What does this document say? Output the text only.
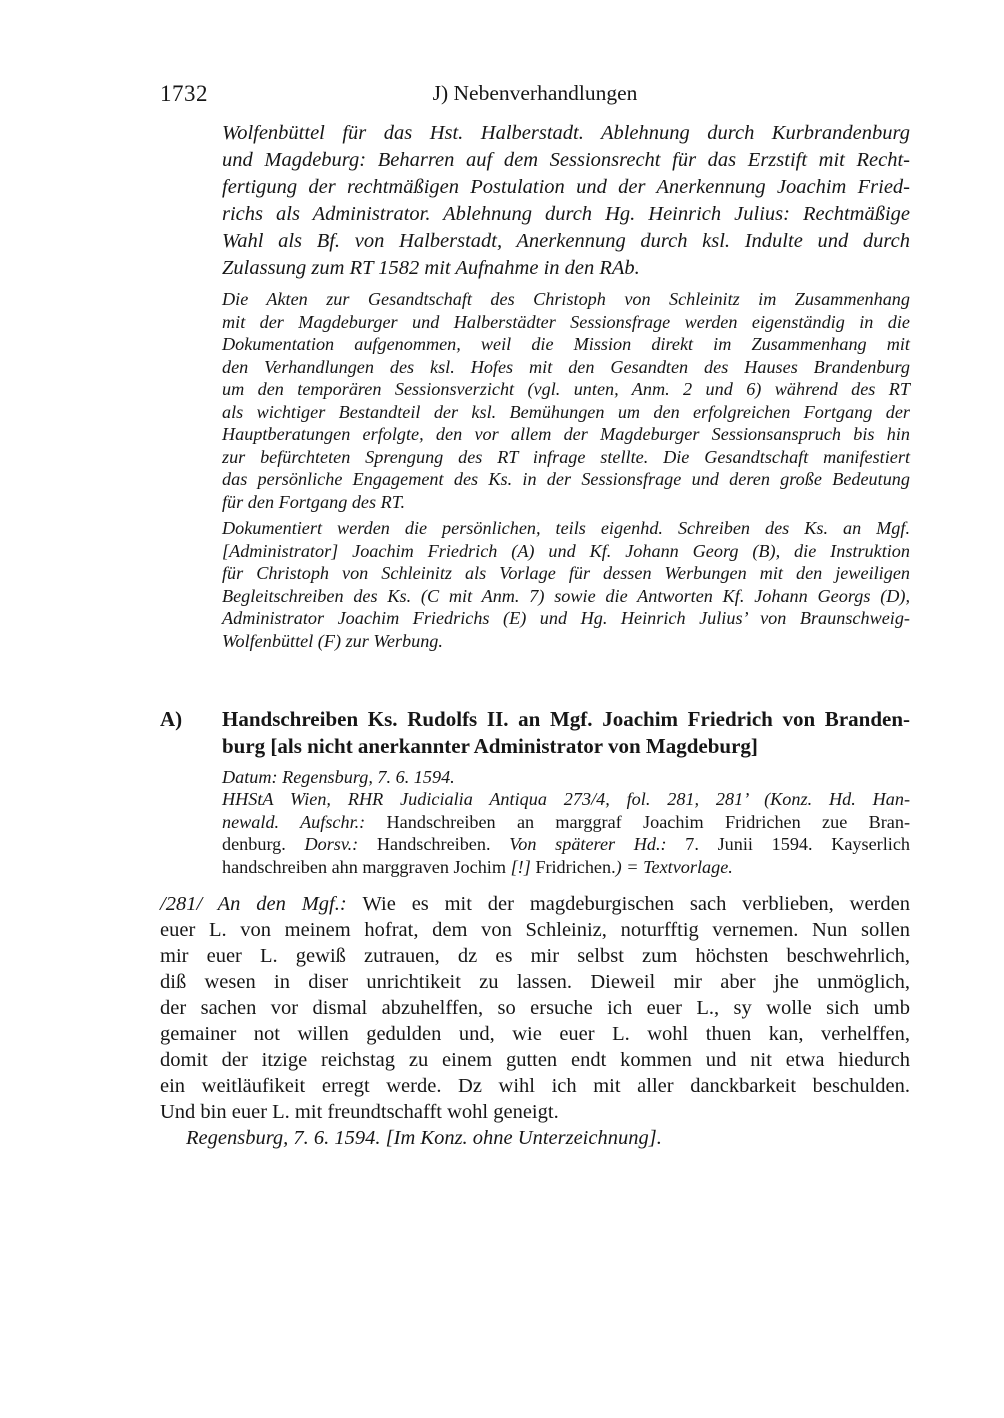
1732	J) Nebenverhandlungen
Wolfenbüttel für das Hst. Halberstadt. Ablehnung durch Kurbrandenburg
und Magdeburg: Beharren auf dem Sessionsrecht für das Erzstift mit Recht-
fertigung der rechtmäßigen Postulation und der Anerkennung Joachim Fried-
richs als Administrator. Ablehnung durch Hg. Heinrich Julius: Rechtmäßige
Wahl als Bf. von Halberstadt, Anerkennung durch ksl. Indulte und durch
Zulassung zum RT 1582 mit Aufnahme in den RAb.
Die Akten zur Gesandtschaft des Christoph von Schleinitz im Zusammenhang
mit der Magdeburger und Halberstädter Sessionsfrage werden eigenständig in die
Dokumentation aufgenommen, weil die Mission direkt im Zusammenhang mit
den Verhandlungen des ksl. Hofes mit den Gesandten des Hauses Brandenburg
um den temporären Sessionsverzicht (vgl. unten, Anm. 2 und 6) während des RT
als wichtiger Bestandteil der ksl. Bemühungen um den erfolgreichen Fortgang der
Hauptberatungen erfolgte, den vor allem der Magdeburger Sessionsanspruch bis hin
zur befürchteten Sprengung des RT infrage stellte. Die Gesandtschaft manifestiert
das persönliche Engagement des Ks. in der Sessionsfrage und deren große Bedeutung
für den Fortgang des RT.
Dokumentiert werden die persönlichen, teils eigenhd. Schreiben des Ks. an Mgf.
[Administrator] Joachim Friedrich (A) und Kf. Johann Georg (B), die Instruktion
für Christoph von Schleinitz als Vorlage für dessen Werbungen mit den jeweiligen
Begleitschreiben des Ks. (C mit Anm. 7) sowie die Antworten Kf. Johann Georgs (D),
Administrator Joachim Friedrichs (E) und Hg. Heinrich Julius’ von Braunschweig-
Wolfenbüttel (F) zur Werbung.
A)	Handschreiben Ks. Rudolfs II. an Mgf. Joachim Friedrich von Branden-
burg [als nicht anerkannter Administrator von Magdeburg]
Datum: Regensburg, 7. 6. 1594.
HHStA Wien, RHR Judicialia Antiqua 273/4, fol. 281, 281’ (Konz. Hd. Han-
newald. Aufschr.: Handschreiben an marggraf Joachim Fridrichen zue Bran-
denburg. Dorsv.: Handschreiben. Von späterer Hd.: 7. Junii 1594. Kayserlich
handschreiben ahn marggraven Jochim [!] Fridrichen.) = Textvorlage.
/281/ An den Mgf.: Wie es mit der magdeburgischen sach verblieben, werden
euer L. von meinem hofrat, dem von Schleiniz, noturfftig vernemen. Nun sollen
mir euer L. gewiß zutrauen, dz es mir selbst zum höchsten beschwehrlich,
diß wesen in diser unrichtikeit zu lassen. Dieweil mir aber jhe unmöglich,
der sachen vor dismal abzuhelffen, so ersuche ich euer L., sy wolle sich umb
gemainer not willen gedulden und, wie euer L. wohl thuen kan, verhelffen,
domit der itzige reichstag zu einem gutten endt kommen und nit etwa hiedurch
ein weitläufikeit erregt werde. Dz wihl ich mit aller danckbarkeit beschulden.
Und bin euer L. mit freundtschafft wohl geneigt.
Regensburg, 7. 6. 1594. [Im Konz. ohne Unterzeichnung].
